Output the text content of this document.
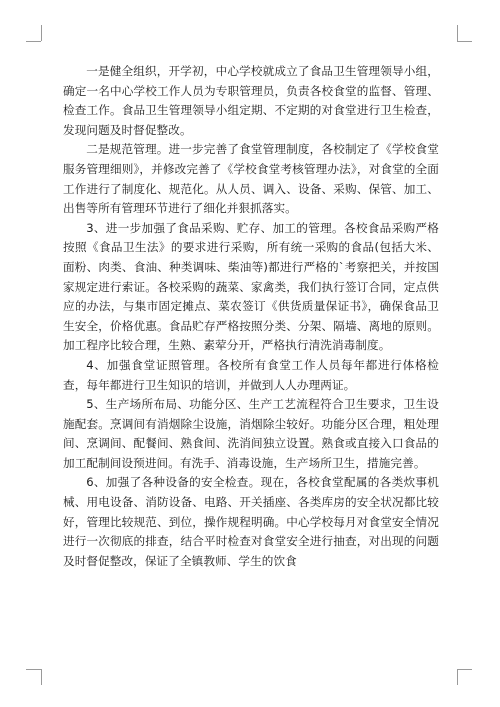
一是健全组织，开学初，中心学校就成立了食品卫生管理领导小组，确定一名中心学校工作人员为专职管理员，负责各校食堂的监督、管理、检查工作。食品卫生管理领导小组定期、不定期的对食堂进行卫生检查，发现问题及时督促整改。

二是规范管理。进一步完善了食堂管理制度，各校制定了《学校食堂服务管理细则》，并修改完善了《学校食堂考核管理办法》，对食堂的全面工作进行了制度化、规范化。从人员、调入、设备、采购、保管、加工、出售等所有管理环节进行了细化并狠抓落实。

3、进一步加强了食品采购、贮存、加工的管理。各校食品采购严格按照《食品卫生法》的要求进行采购，所有统一采购的食品(包括大米、面粉、肉类、食油、种类调味、柴油等)都进行严格的`考察把关，并按国家规定进行索证。各校采购的蔬菜、家禽类，我们执行签订合同，定点供应的办法，与集市固定摊点、菜农签订《供货质量保证书》，确保食品卫生安全，价格优惠。食品贮存严格按照分类、分架、隔墙、离地的原则。加工程序比较合理，生熟、素荤分开，严格执行清洗消毒制度。

4、加强食堂证照管理。各校所有食堂工作人员每年都进行体格检查，每年都进行卫生知识的培训，并做到人人办理两证。

5、生产场所布局、功能分区、生产工艺流程符合卫生要求，卫生设施配套。烹调间有消烟除尘设施，消烟除尘较好。功能分区合理，粗处理间、烹调间、配餐间、熟食间、洗消间独立设置。熟食或直接入口食品的加工配制间设预进间。有洗手、消毒设施，生产场所卫生，措施完善。

6、加强了各种设备的安全检查。现在，各校食堂配属的各类炊事机械、用电设备、消防设备、电路、开关插座、各类库房的安全状况都比较好，管理比较规范、到位，操作规程明确。中心学校每月对食堂安全情况进行一次彻底的排查，结合平时检查对食堂安全进行抽查，对出现的问题及时督促整改，保证了全镇教师、学生的饮食
